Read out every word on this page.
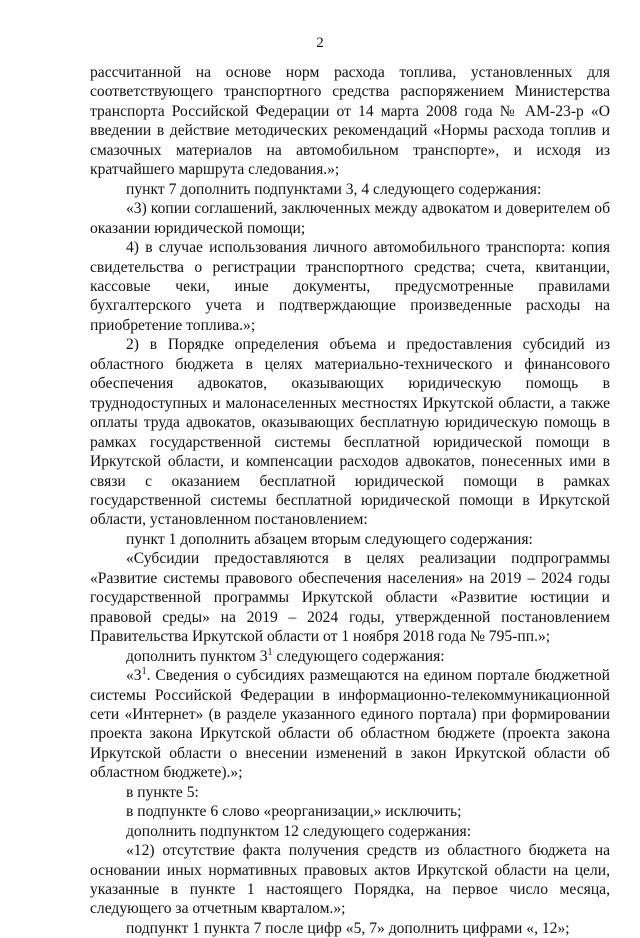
2

рассчитанной на основе норм расхода топлива, установленных для соответствующего транспортного средства распоряжением Министерства транспорта Российской Федерации от 14 марта 2008 года № АМ-23-р «О введении в действие методических рекомендаций «Нормы расхода топлив и смазочных материалов на автомобильном транспорте», и исходя из кратчайшего маршрута следования.»;

пункт 7 дополнить подпунктами 3, 4 следующего содержания:

«3) копии соглашений, заключенных между адвокатом и доверителем об оказании юридической помощи;

4) в случае использования личного автомобильного транспорта: копия свидетельства о регистрации транспортного средства; счета, квитанции, кассовые чеки, иные документы, предусмотренные правилами бухгалтерского учета и подтверждающие произведенные расходы на приобретение топлива.»;

2) в Порядке определения объема и предоставления субсидий из областного бюджета в целях материально-технического и финансового обеспечения адвокатов, оказывающих юридическую помощь в труднодоступных и малонаселенных местностях Иркутской области, а также оплаты труда адвокатов, оказывающих бесплатную юридическую помощь в рамках государственной системы бесплатной юридической помощи в Иркутской области, и компенсации расходов адвокатов, понесенных ими в связи с оказанием бесплатной юридической помощи в рамках государственной системы бесплатной юридической помощи в Иркутской области, установленном постановлением:

пункт 1 дополнить абзацем вторым следующего содержания:

«Субсидии предоставляются в целях реализации подпрограммы «Развитие системы правового обеспечения населения» на 2019 – 2024 годы государственной программы Иркутской области «Развитие юстиции и правовой среды» на 2019 – 2024 годы, утвержденной постановлением Правительства Иркутской области от 1 ноября 2018 года № 795-пп.»;

дополнить пунктом $3^1$ следующего содержания:

«$3^1$. Сведения о субсидиях размещаются на едином портале бюджетной системы Российской Федерации в информационно-телекоммуникационной сети «Интернет» (в разделе указанного единого портала) при формировании проекта закона Иркутской области об областном бюджете (проекта закона Иркутской области о внесении изменений в закон Иркутской области об областном бюджете).»;

в пункте 5:

в подпункте 6 слово «реорганизации,» исключить;

дополнить подпунктом 12 следующего содержания:

«12) отсутствие факта получения средств из областного бюджета на основании иных нормативных правовых актов Иркутской области на цели, указанные в пункте 1 настоящего Порядка, на первое число месяца, следующего за отчетным кварталом.»;

подпункт 1 пункта 7 после цифр «5, 7» дополнить цифрами «, 12»;
